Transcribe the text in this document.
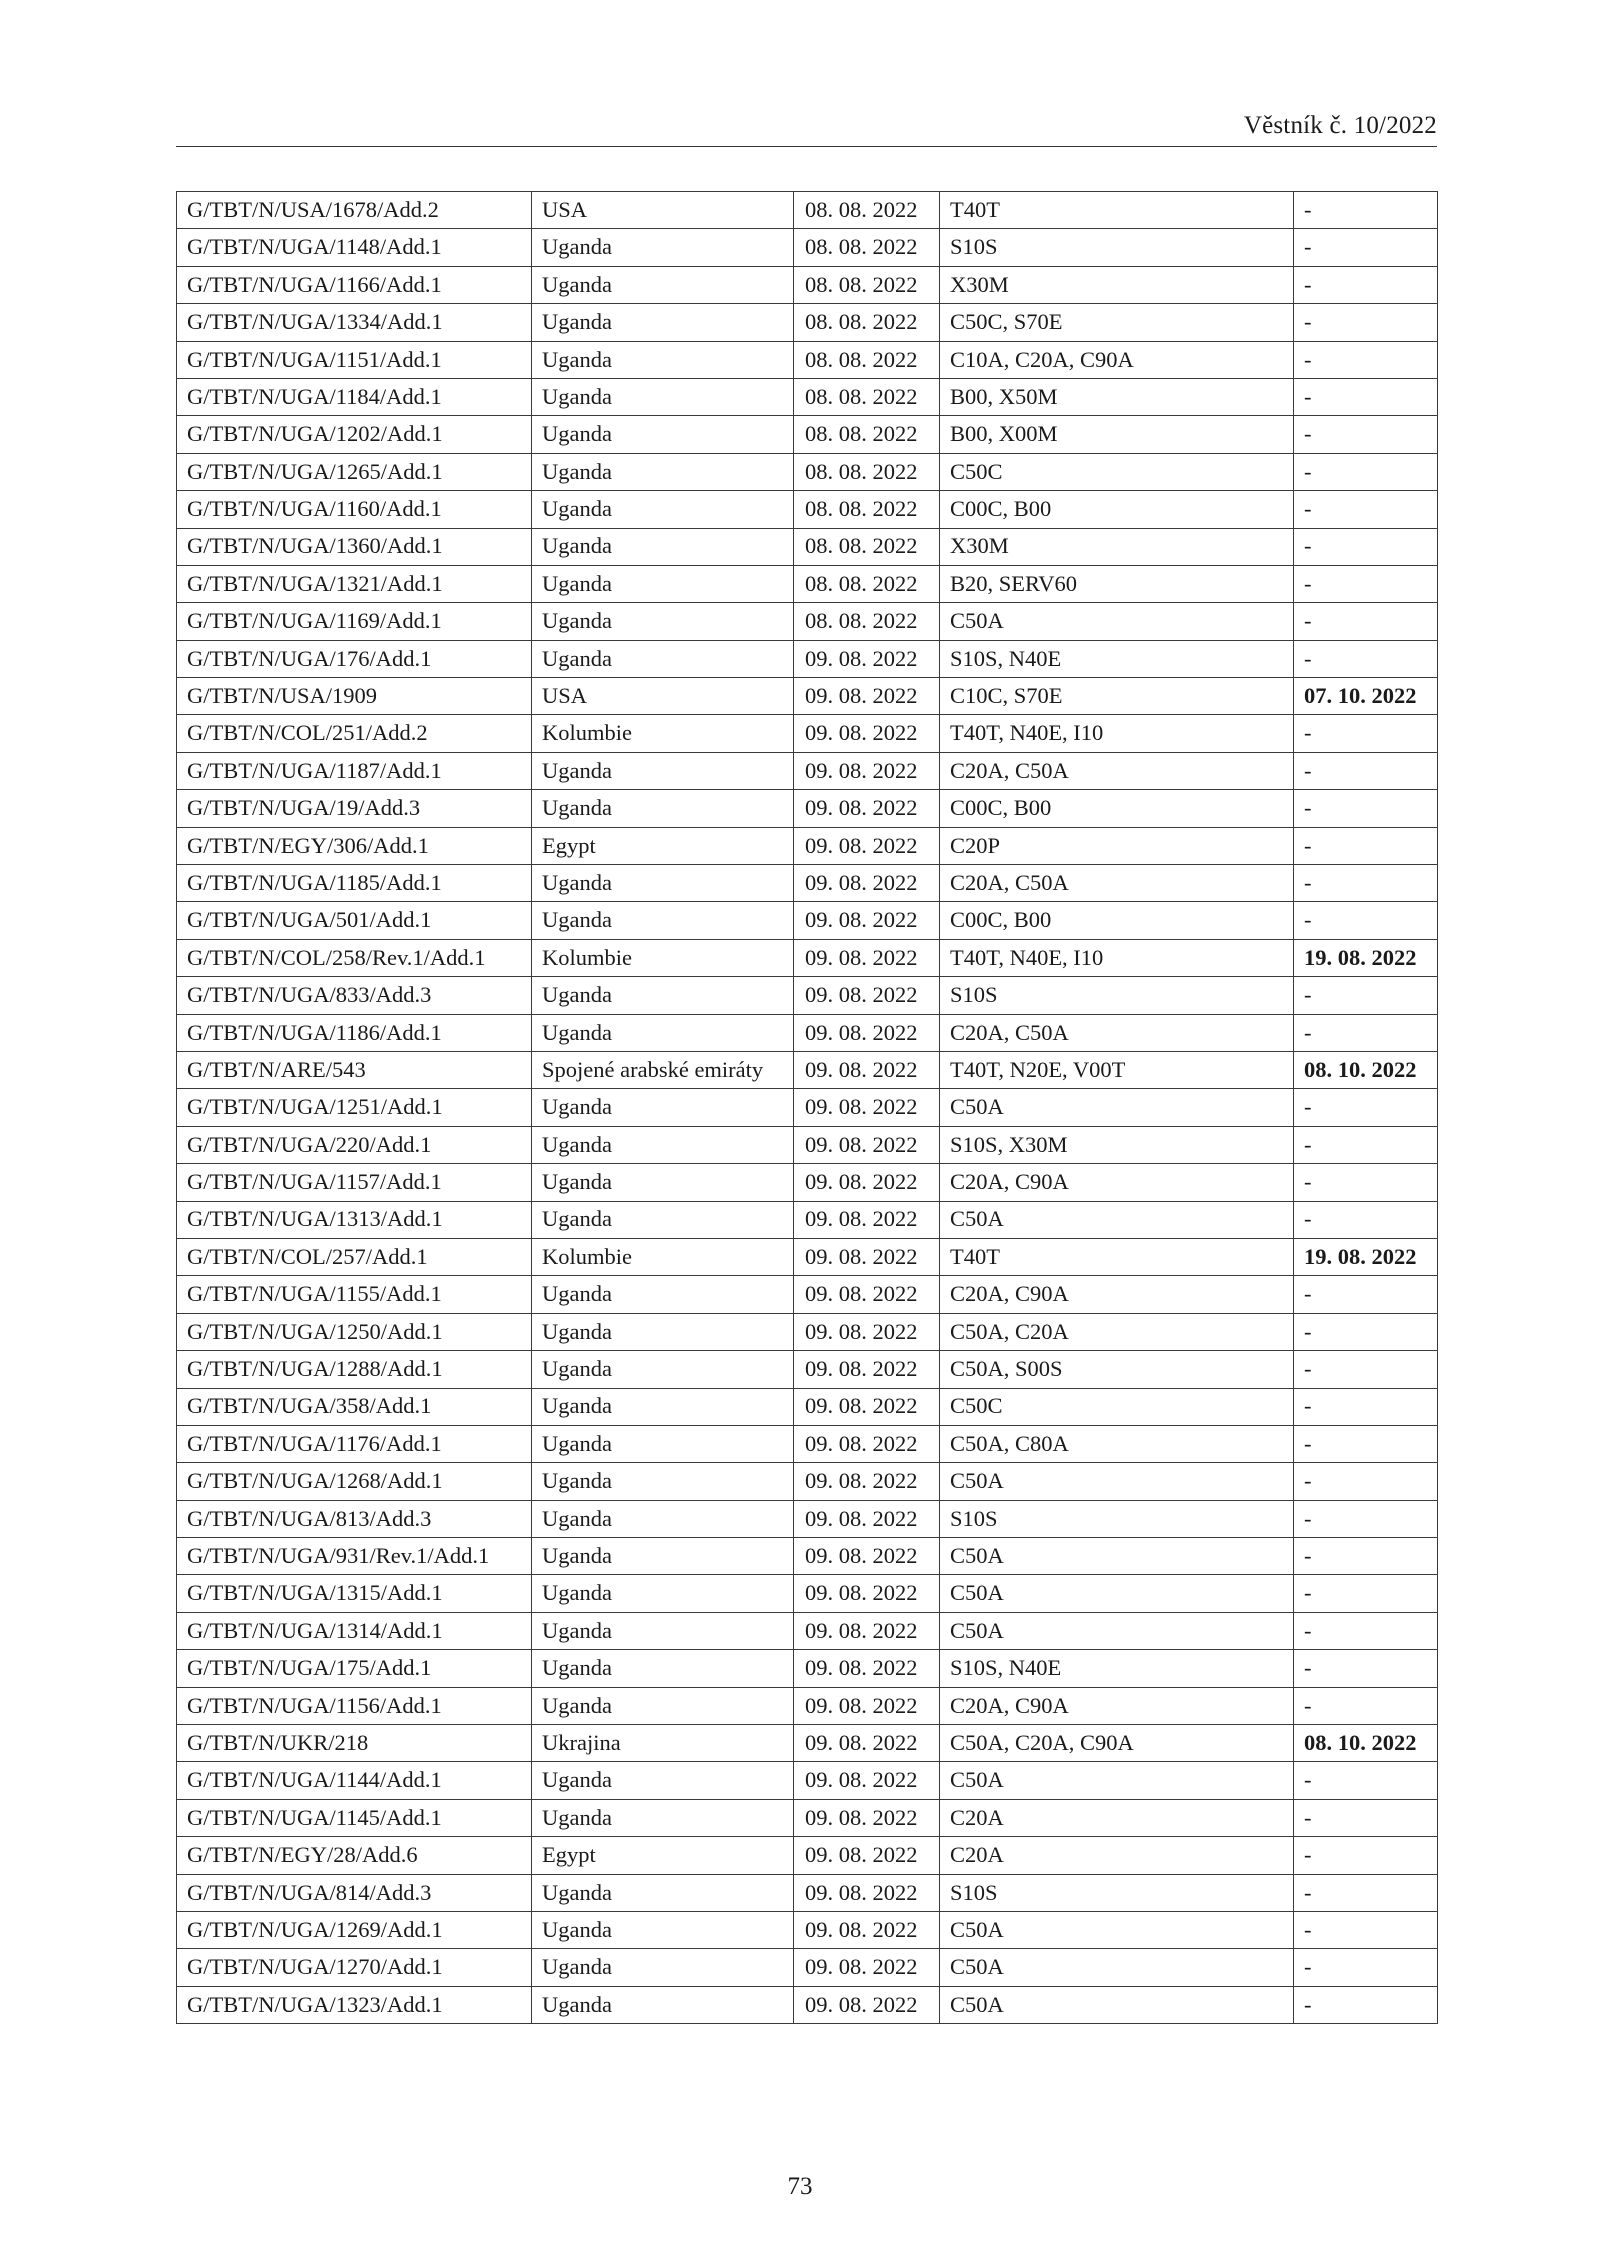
Věstník č. 10/2022
G/TBT/N/USA/1678/Add.2	USA	08. 08. 2022	T40T	-
G/TBT/N/UGA/1148/Add.1	Uganda	08. 08. 2022	S10S	-
G/TBT/N/UGA/1166/Add.1	Uganda	08. 08. 2022	X30M	-
G/TBT/N/UGA/1334/Add.1	Uganda	08. 08. 2022	C50C, S70E	-
G/TBT/N/UGA/1151/Add.1	Uganda	08. 08. 2022	C10A, C20A, C90A	-
G/TBT/N/UGA/1184/Add.1	Uganda	08. 08. 2022	B00, X50M	-
G/TBT/N/UGA/1202/Add.1	Uganda	08. 08. 2022	B00, X00M	-
G/TBT/N/UGA/1265/Add.1	Uganda	08. 08. 2022	C50C	-
G/TBT/N/UGA/1160/Add.1	Uganda	08. 08. 2022	C00C, B00	-
G/TBT/N/UGA/1360/Add.1	Uganda	08. 08. 2022	X30M	-
G/TBT/N/UGA/1321/Add.1	Uganda	08. 08. 2022	B20, SERV60	-
G/TBT/N/UGA/1169/Add.1	Uganda	08. 08. 2022	C50A	-
G/TBT/N/UGA/176/Add.1	Uganda	09. 08. 2022	S10S, N40E	-
G/TBT/N/USA/1909	USA	09. 08. 2022	C10C, S70E	07. 10. 2022
G/TBT/N/COL/251/Add.2	Kolumbie	09. 08. 2022	T40T, N40E, I10	-
G/TBT/N/UGA/1187/Add.1	Uganda	09. 08. 2022	C20A, C50A	-
G/TBT/N/UGA/19/Add.3	Uganda	09. 08. 2022	C00C, B00	-
G/TBT/N/EGY/306/Add.1	Egypt	09. 08. 2022	C20P	-
G/TBT/N/UGA/1185/Add.1	Uganda	09. 08. 2022	C20A, C50A	-
G/TBT/N/UGA/501/Add.1	Uganda	09. 08. 2022	C00C, B00	-
G/TBT/N/COL/258/Rev.1/Add.1	Kolumbie	09. 08. 2022	T40T, N40E, I10	19. 08. 2022
G/TBT/N/UGA/833/Add.3	Uganda	09. 08. 2022	S10S	-
G/TBT/N/UGA/1186/Add.1	Uganda	09. 08. 2022	C20A, C50A	-
G/TBT/N/ARE/543	Spojené arabské emiráty	09. 08. 2022	T40T, N20E, V00T	08. 10. 2022
G/TBT/N/UGA/1251/Add.1	Uganda	09. 08. 2022	C50A	-
G/TBT/N/UGA/220/Add.1	Uganda	09. 08. 2022	S10S, X30M	-
G/TBT/N/UGA/1157/Add.1	Uganda	09. 08. 2022	C20A, C90A	-
G/TBT/N/UGA/1313/Add.1	Uganda	09. 08. 2022	C50A	-
G/TBT/N/COL/257/Add.1	Kolumbie	09. 08. 2022	T40T	19. 08. 2022
G/TBT/N/UGA/1155/Add.1	Uganda	09. 08. 2022	C20A, C90A	-
G/TBT/N/UGA/1250/Add.1	Uganda	09. 08. 2022	C50A, C20A	-
G/TBT/N/UGA/1288/Add.1	Uganda	09. 08. 2022	C50A, S00S	-
G/TBT/N/UGA/358/Add.1	Uganda	09. 08. 2022	C50C	-
G/TBT/N/UGA/1176/Add.1	Uganda	09. 08. 2022	C50A, C80A	-
G/TBT/N/UGA/1268/Add.1	Uganda	09. 08. 2022	C50A	-
G/TBT/N/UGA/813/Add.3	Uganda	09. 08. 2022	S10S	-
G/TBT/N/UGA/931/Rev.1/Add.1	Uganda	09. 08. 2022	C50A	-
G/TBT/N/UGA/1315/Add.1	Uganda	09. 08. 2022	C50A	-
G/TBT/N/UGA/1314/Add.1	Uganda	09. 08. 2022	C50A	-
G/TBT/N/UGA/175/Add.1	Uganda	09. 08. 2022	S10S, N40E	-
G/TBT/N/UGA/1156/Add.1	Uganda	09. 08. 2022	C20A, C90A	-
G/TBT/N/UKR/218	Ukrajina	09. 08. 2022	C50A, C20A, C90A	08. 10. 2022
G/TBT/N/UGA/1144/Add.1	Uganda	09. 08. 2022	C50A	-
G/TBT/N/UGA/1145/Add.1	Uganda	09. 08. 2022	C20A	-
G/TBT/N/EGY/28/Add.6	Egypt	09. 08. 2022	C20A	-
G/TBT/N/UGA/814/Add.3	Uganda	09. 08. 2022	S10S	-
G/TBT/N/UGA/1269/Add.1	Uganda	09. 08. 2022	C50A	-
G/TBT/N/UGA/1270/Add.1	Uganda	09. 08. 2022	C50A	-
G/TBT/N/UGA/1323/Add.1	Uganda	09. 08. 2022	C50A	-
73
